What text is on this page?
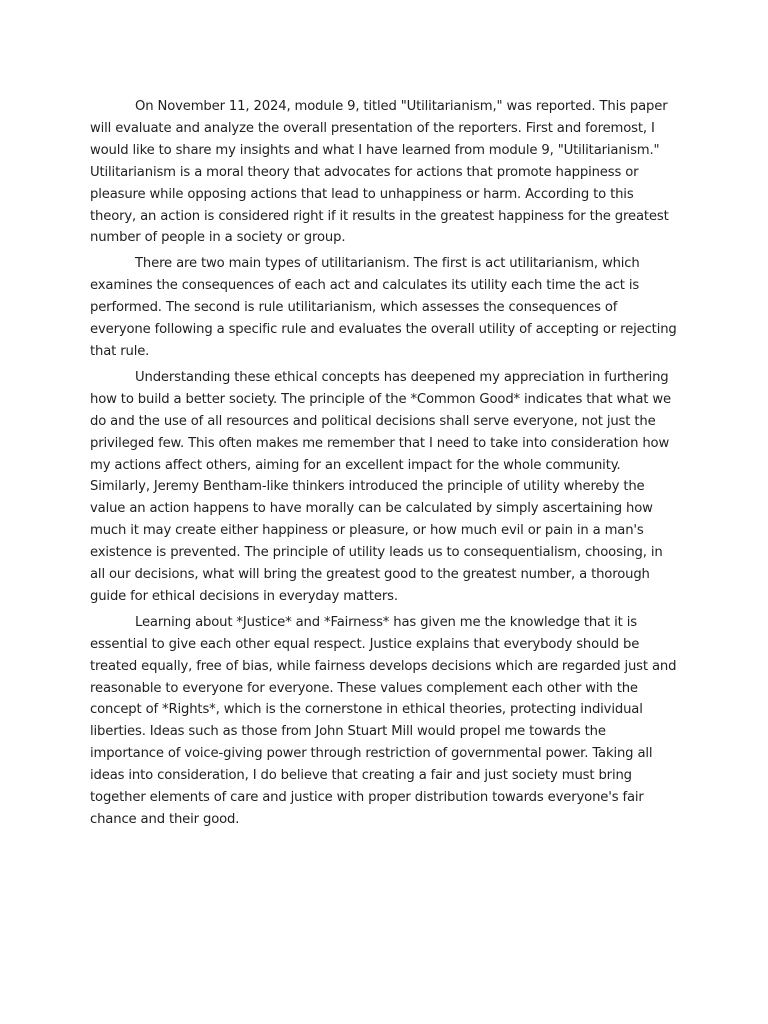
On November 11, 2024, module 9, titled "Utilitarianism," was reported. This paper will evaluate and analyze the overall presentation of the reporters. First and foremost, I would like to share my insights and what I have learned from module 9, "Utilitarianism." Utilitarianism is a moral theory that advocates for actions that promote happiness or pleasure while opposing actions that lead to unhappiness or harm. According to this theory, an action is considered right if it results in the greatest happiness for the greatest number of people in a society or group.

There are two main types of utilitarianism. The first is act utilitarianism, which examines the consequences of each act and calculates its utility each time the act is performed. The second is rule utilitarianism, which assesses the consequences of everyone following a specific rule and evaluates the overall utility of accepting or rejecting that rule.

Understanding these ethical concepts has deepened my appreciation in furthering how to build a better society. The principle of the *Common Good* indicates that what we do and the use of all resources and political decisions shall serve everyone, not just the privileged few. This often makes me remember that I need to take into consideration how my actions affect others, aiming for an excellent impact for the whole community. Similarly, Jeremy Bentham-like thinkers introduced the principle of utility whereby the value an action happens to have morally can be calculated by simply ascertaining how much it may create either happiness or pleasure, or how much evil or pain in a man's existence is prevented. The principle of utility leads us to consequentialism, choosing, in all our decisions, what will bring the greatest good to the greatest number, a thorough guide for ethical decisions in everyday matters.

Learning about *Justice* and *Fairness* has given me the knowledge that it is essential to give each other equal respect. Justice explains that everybody should be treated equally, free of bias, while fairness develops decisions which are regarded just and reasonable to everyone for everyone. These values complement each other with the concept of *Rights*, which is the cornerstone in ethical theories, protecting individual liberties. Ideas such as those from John Stuart Mill would propel me towards the importance of voice-giving power through restriction of governmental power. Taking all ideas into consideration, I do believe that creating a fair and just society must bring together elements of care and justice with proper distribution towards everyone's fair chance and their good.
